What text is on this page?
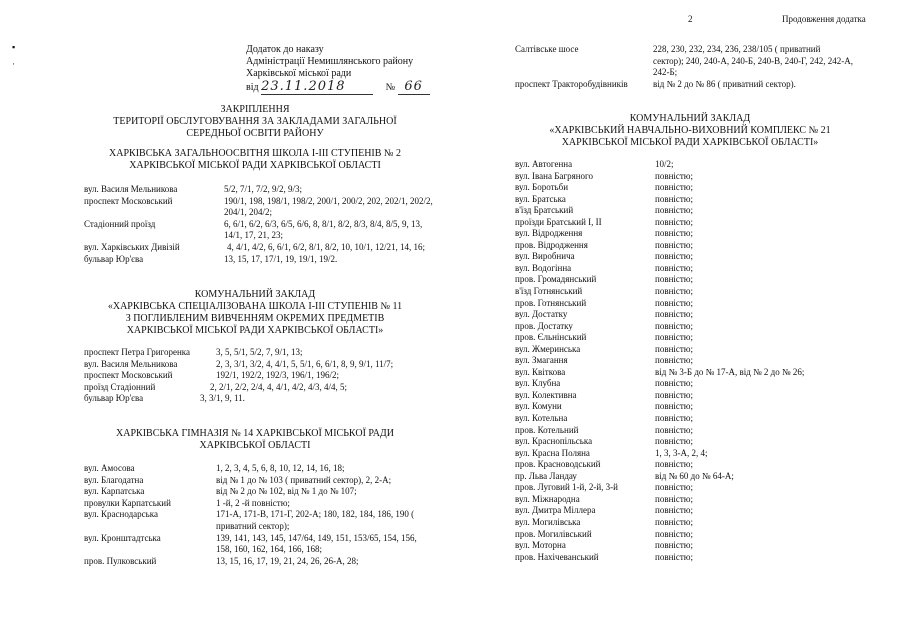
2	Продовження додатка
▪
·
Додаток до наказу
Адміністрації Немишлянського району
Харківської міської ради
від 23.11.2018	№ 66
ЗАКРІПЛЕННЯ
ТЕРИТОРІЇ ОБСЛУГОВУВАННЯ ЗА ЗАКЛАДАМИ ЗАГАЛЬНОЇ
СЕРЕДНЬОЇ ОСВІТИ РАЙОНУ
ХАРКІВСЬКА ЗАГАЛЬНООСВІТНЯ ШКОЛА І-ІІІ СТУПЕНІВ № 2
ХАРКІВСЬКОЇ МІСЬКОЇ РАДИ ХАРКІВСЬКОЇ ОБЛАСТІ
вул. Василя Мельникова	5/2, 7/1, 7/2, 9/2, 9/3;
проспект Московський	190/1, 198, 198/1, 198/2, 200/1, 200/2, 202, 202/1, 202/2, 204/1, 204/2;
Стадіонний проїзд	6, 6/1, 6/2, 6/3, 6/5, 6/6, 8, 8/1, 8/2, 8/3, 8/4, 8/5, 9, 13, 14/1, 17, 21, 23;
вул. Харківських Дивізій	4, 4/1, 4/2, 6, 6/1, 6/2, 8/1, 8/2, 10, 10/1, 12/21, 14, 16;
бульвар Юр'єва	13, 15, 17, 17/1, 19, 19/1, 19/2.
КОМУНАЛЬНИЙ ЗАКЛАД
«ХАРКІВСЬКА СПЕЦІАЛІЗОВАНА ШКОЛА І-ІІІ СТУПЕНІВ № 11
З ПОГЛИБЛЕНИМ ВИВЧЕННЯМ ОКРЕМИХ ПРЕДМЕТІВ
ХАРКІВСЬКОЇ МІСЬКОЇ РАДИ ХАРКІВСЬКОЇ ОБЛАСТІ»
проспект Петра Григоренка	3, 5, 5/1, 5/2, 7, 9/1, 13;
вул. Василя Мельникова	2, 3, 3/1, 3/2, 4, 4/1, 5, 5/1, 6, 6/1, 8, 9, 9/1, 11/7;
проспект Московський	192/1, 192/2, 192/3, 196/1, 196/2;
проїзд Стадіонний	2, 2/1, 2/2, 2/4, 4, 4/1, 4/2, 4/3, 4/4, 5;
бульвар Юр'єва	3, 3/1, 9, 11.
ХАРКІВСЬКА ГІМНАЗІЯ № 14 ХАРКІВСЬКОЇ МІСЬКОЇ РАДИ
ХАРКІВСЬКОЇ ОБЛАСТІ
вул. Амосова	1, 2, 3, 4, 5, 6, 8, 10, 12, 14, 16, 18;
вул. Благодатна	від № 1 до № 103 ( приватний сектор), 2, 2-А;
вул. Карпатська	від № 2 до № 102, від № 1 до № 107;
провулки Карпатський	1 -й, 2 -й повністю;
вул. Краснодарська	171-А, 171-В, 171-Г, 202-А; 180, 182, 184, 186, 190 ( приватний сектор);
вул. Кронштадтська	139, 141, 143, 145, 147/64, 149, 151, 153/65, 154, 156, 158, 160, 162, 164, 166, 168;
пров. Пулковський	13, 15, 16, 17, 19, 21, 24, 26, 26-А, 28;
Салтівське шосе	228, 230, 232, 234, 236, 238/105 ( приватний сектор); 240, 240-А, 240-Б, 240-В, 240-Г, 242, 242-А, 242-Б;
проспект Тракторобудівників	від № 2 до № 86 ( приватний сектор).
КОМУНАЛЬНИЙ ЗАКЛАД
«ХАРКІВСЬКИЙ НАВЧАЛЬНО-ВИХОВНИЙ КОМПЛЕКС № 21
ХАРКІВСЬКОЇ МІСЬКОЇ РАДИ ХАРКІВСЬКОЇ ОБЛАСТІ»
вул. Автогенна	10/2;
вул. Івана Багряного	повністю;
вул. Боротьби	повністю;
вул. Братська	повністю;
в'їзд Братський	повністю;
проїзди Братський І, ІІ	повністю;
вул. Відродження	повністю;
пров. Відродження	повністю;
вул. Виробнича	повністю;
вул. Водогінна	повністю;
пров. Громадянський	повністю;
в'їзд Готнянський	повністю;
пров. Готнянський	повністю;
вул. Достатку	повністю;
пров. Достатку	повністю;
пров. Єльнінський	повністю;
вул. Жмеринська	повністю;
вул. Змагання	повністю;
вул. Квіткова	від № 3-Б до № 17-А, від № 2 до № 26;
вул. Клубна	повністю;
вул. Колективна	повністю;
вул. Комуни	повністю;
вул. Котельна	повністю;
пров. Котельний	повністю;
вул. Краснопільська	повністю;
вул. Красна Поляна	1, 3, 3-А, 2, 4;
пров. Красноводський	повністю;
пр. Льва Ландау	від № 60 до № 64-А;
пров. Луговий 1-й, 2-й, 3-й	повністю;
вул. Міжнародна	повністю;
вул. Дмитра Міллера	повністю;
вул. Могилівська	повністю;
пров. Могилівський	повністю;
вул. Моторна	повністю;
пров. Нахічеванський	повністю;
